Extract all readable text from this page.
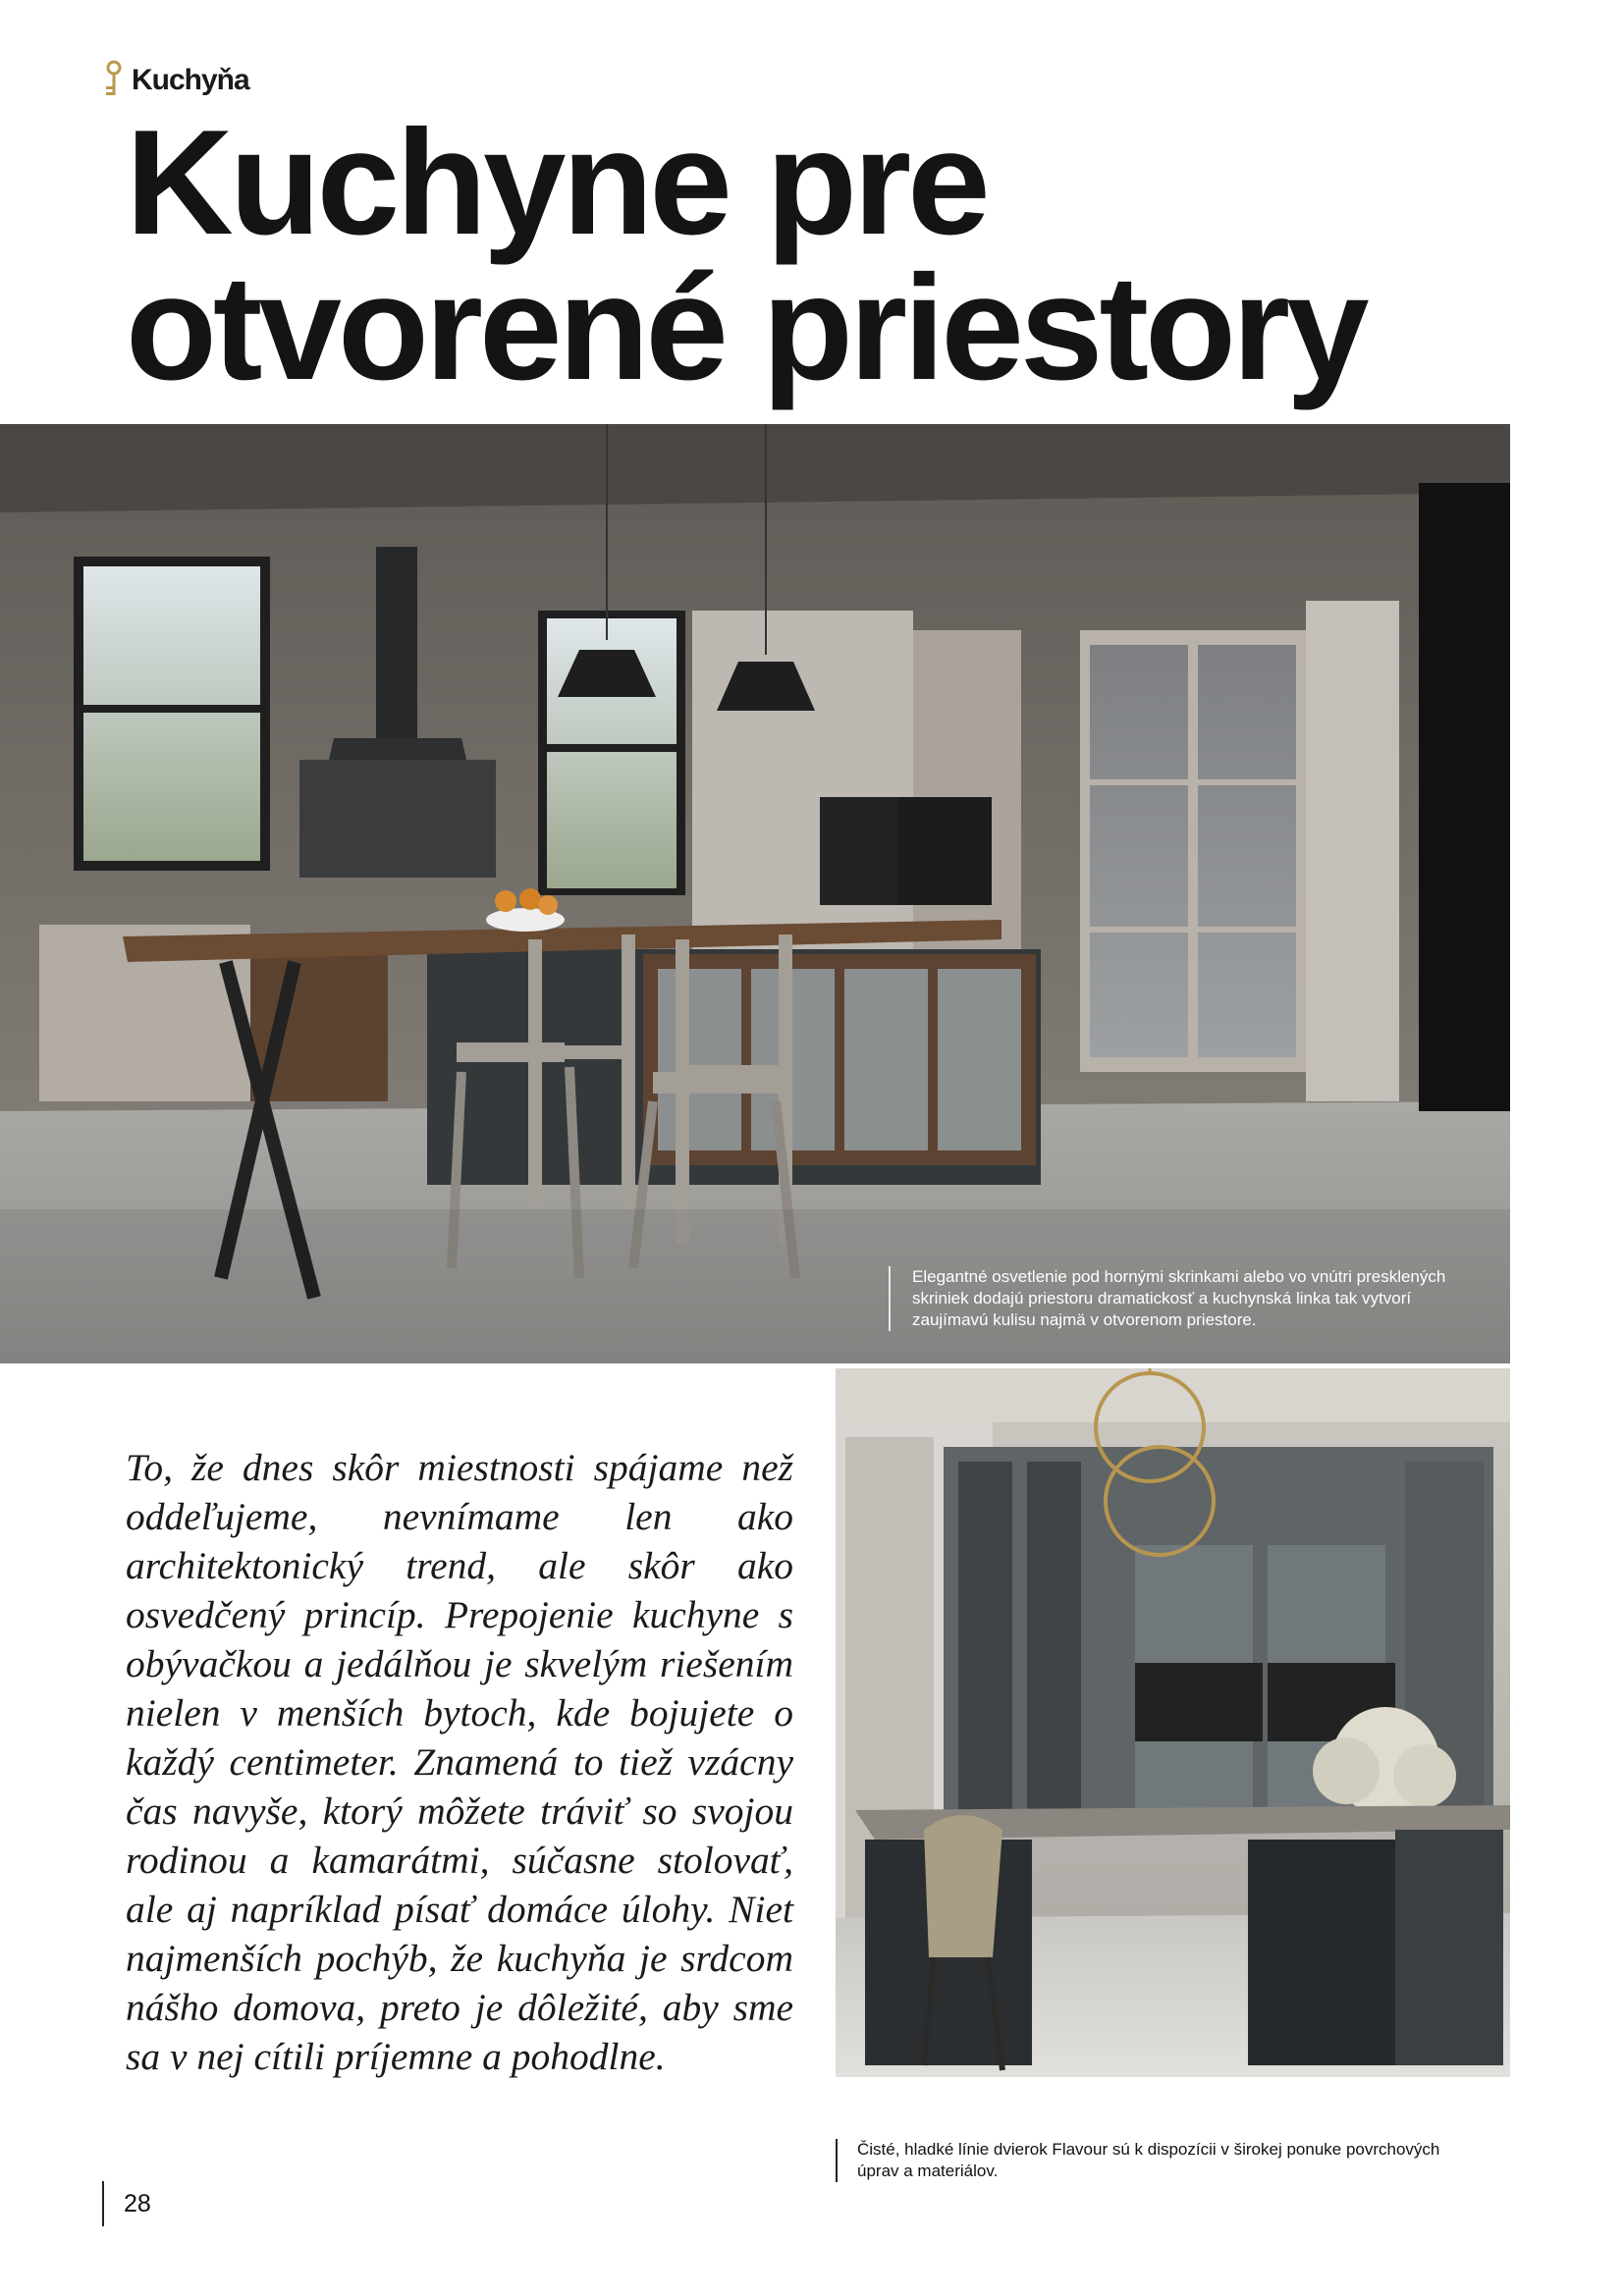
Kuchyňa
Kuchyne pre
otvorené priestory
Elegantné osvetlenie pod hornými skrinkami alebo vo vnútri presklených skriniek dodajú priestoru dramatickosť a kuchynská linka tak vytvorí zaujímavú kulisu najmä v otvorenom priestore.
Čisté, hladké línie dvierok Flavour sú k dispozícii v širokej ponuke povrchových úprav a materiálov.

To, že dnes skôr miestnosti spájame než oddeľujeme, nevnímame len ako architektonický trend, ale skôr ako osvedčený princíp. Prepojenie kuchyne s obývačkou a jedálňou je skvelým riešením nielen v menších bytoch, kde bojujete o každý centimeter. Znamená to tiež vzácny čas navyše, ktorý môžete tráviť so svojou rodinou a kamarátmi, súčasne stolovať, ale aj napríklad písať domáce úlohy. Niet najmenších pochýb, že kuchyňa je srdcom nášho domova, preto je dôležité, aby sme sa v nej cítili príjemne a pohodlne.

28
